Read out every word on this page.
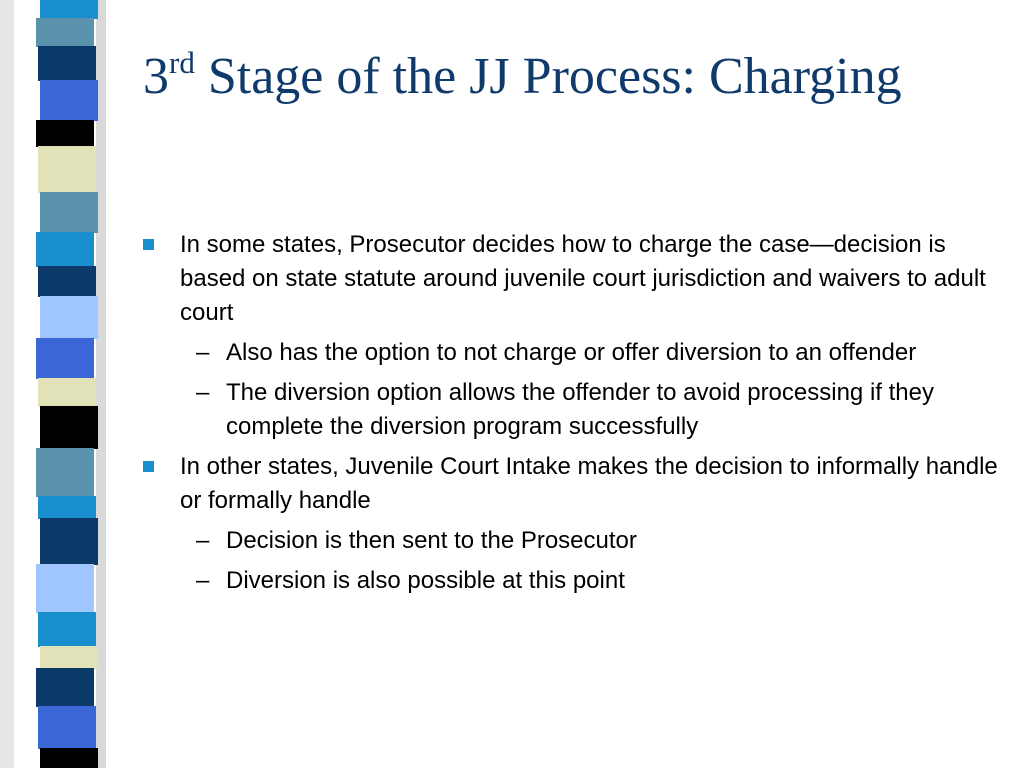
3rd Stage of the JJ Process: Charging

In some states, Prosecutor decides how to charge the case—decision is based on state statute around juvenile court jurisdiction and waivers to adult court

– Also has the option to not charge or offer diversion to an offender

– The diversion option allows the offender to avoid processing if they complete the diversion program successfully

In other states, Juvenile Court Intake makes the decision to informally handle or formally handle

– Decision is then sent to the Prosecutor

– Diversion is also possible at this point
